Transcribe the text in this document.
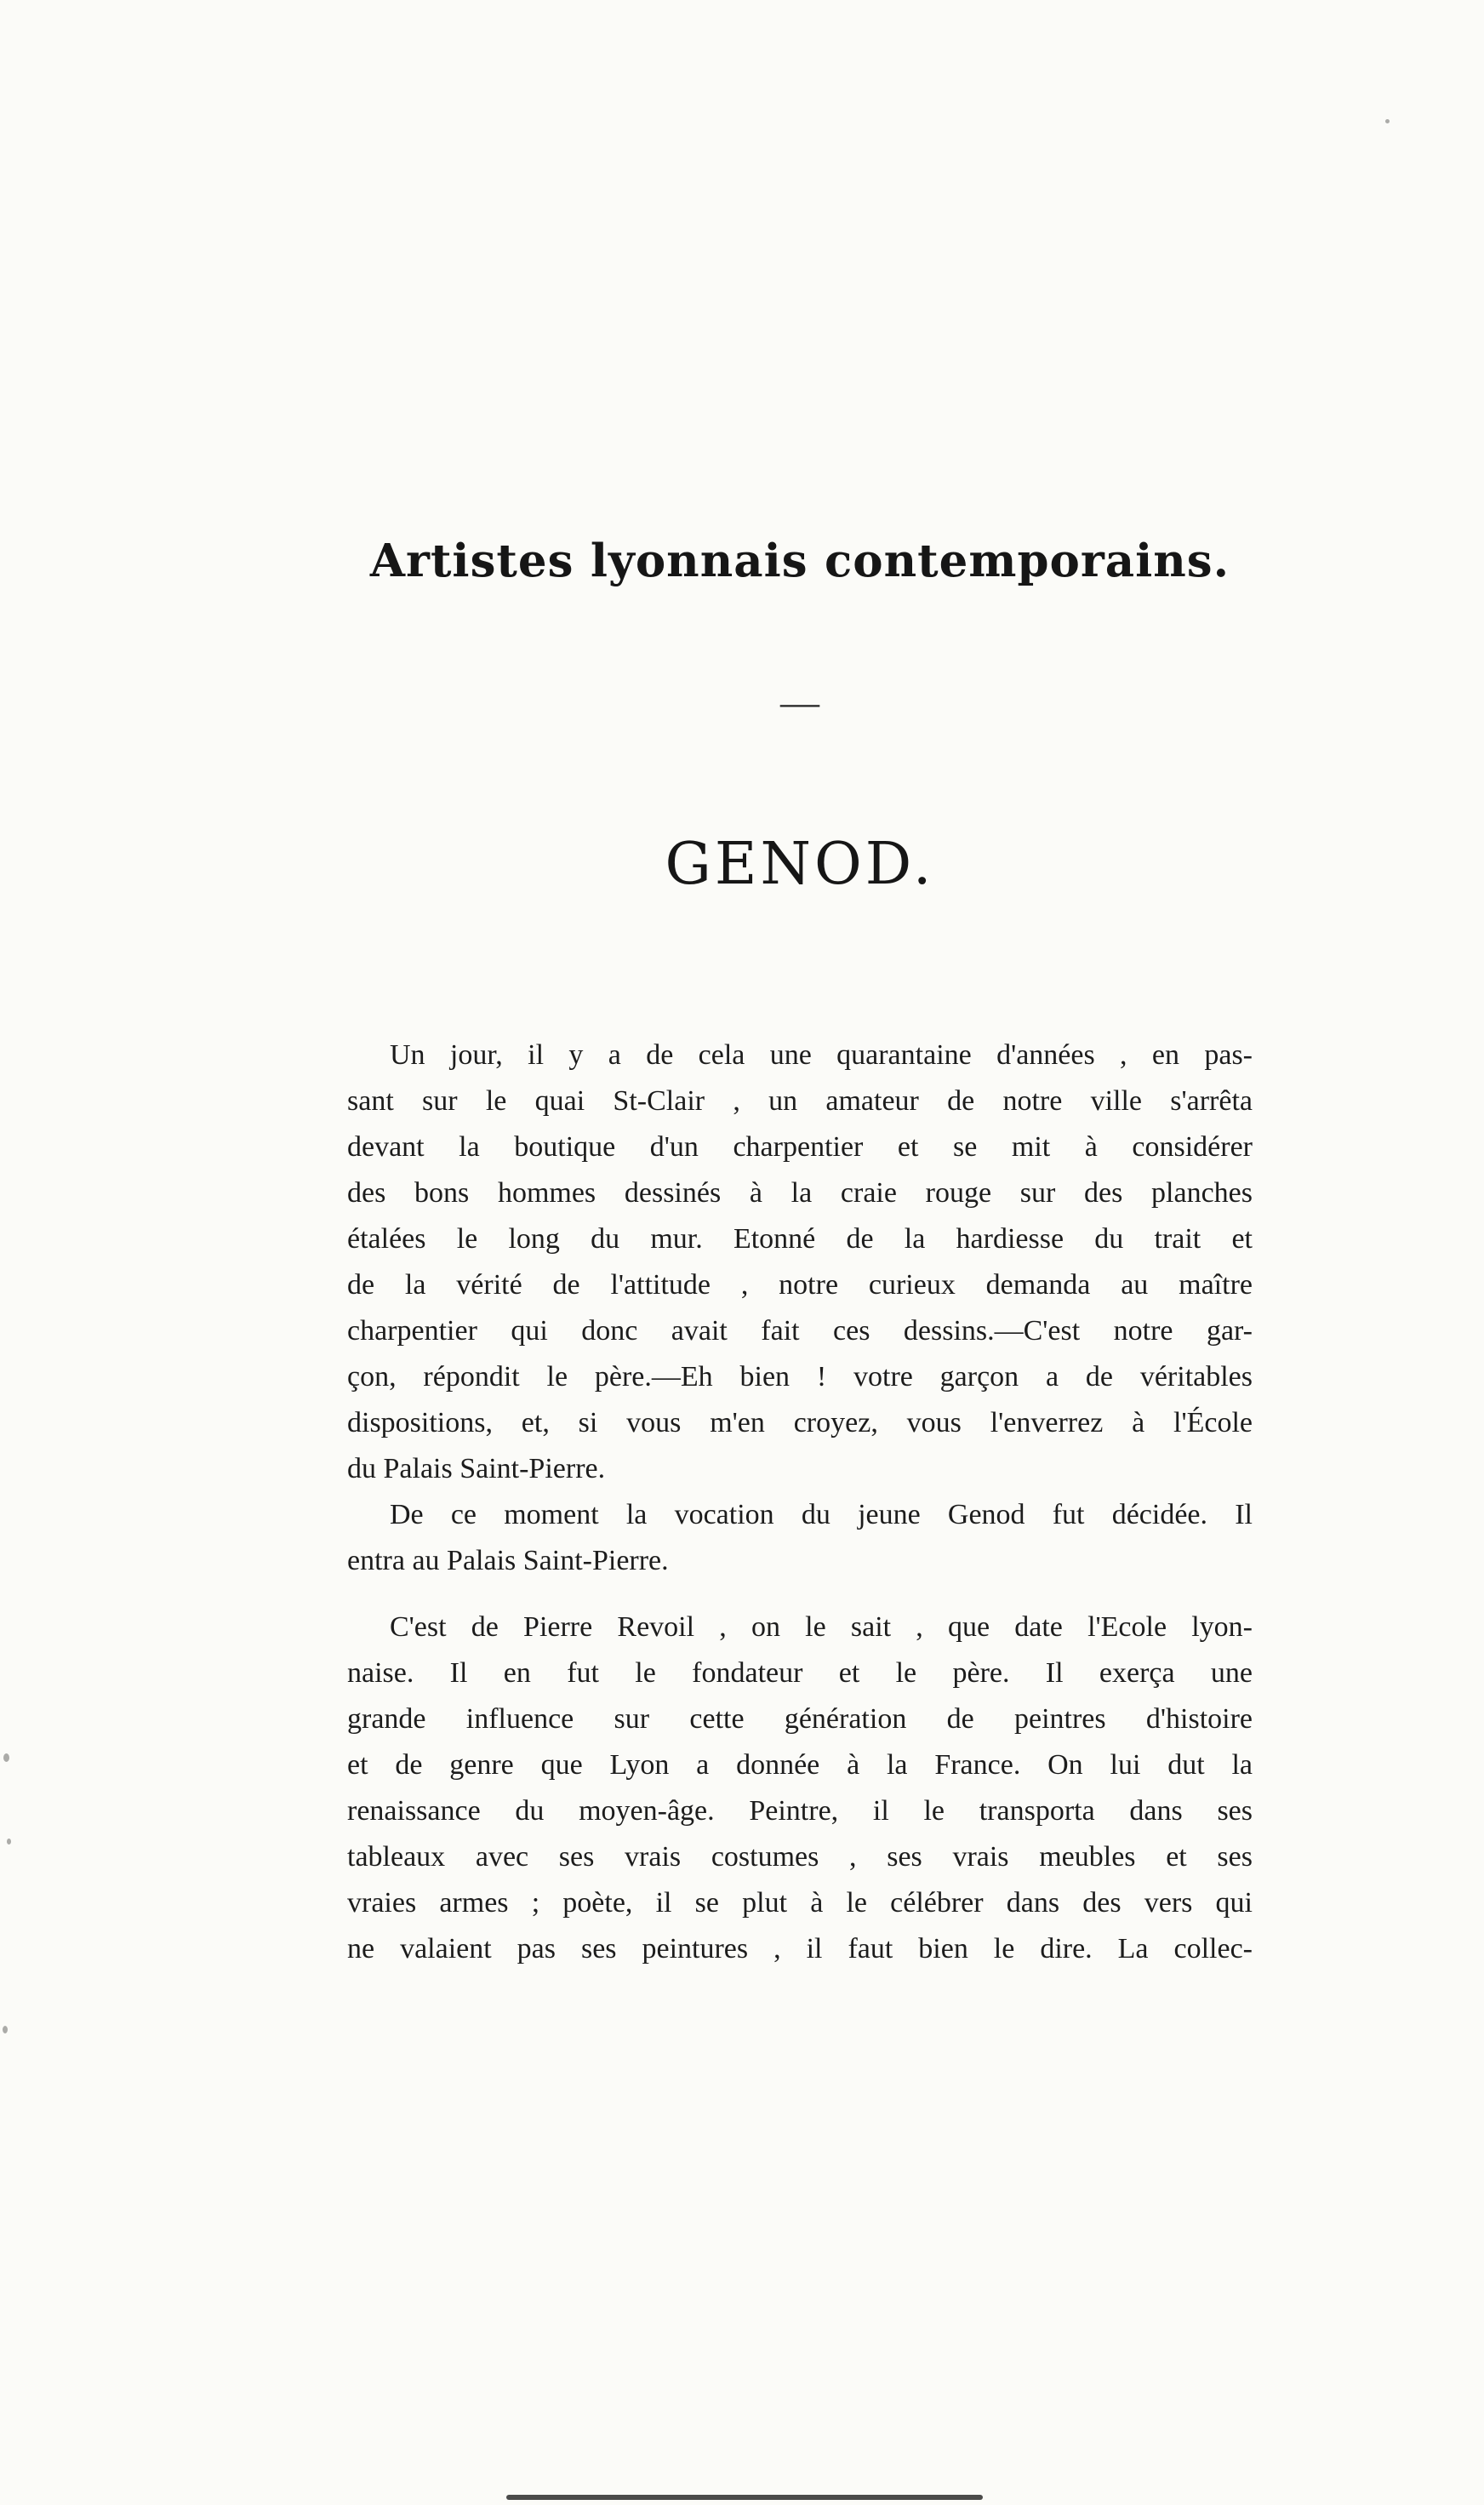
Artistes lyonnais contemporains.
—
GENOD.
Un jour, il y a de cela une quarantaine d'années , en pas-
sant sur le quai St-Clair , un amateur de notre ville s'arrêta
devant la boutique d'un charpentier et se mit à considérer
des bons hommes dessinés à la craie rouge sur des planches
étalées le long du mur. Etonné de la hardiesse du trait et
de la vérité de l'attitude , notre curieux demanda au maître
charpentier qui donc avait fait ces dessins.—C'est notre gar-
çon, répondit le père.—Eh bien ! votre garçon a de véritables
dispositions, et, si vous m'en croyez, vous l'enverrez à l'École
du Palais Saint-Pierre.
De ce moment la vocation du jeune Genod fut décidée. Il
entra au Palais Saint-Pierre.
C'est de Pierre Revoil , on le sait , que date l'Ecole lyon-
naise. Il en fut le fondateur et le père. Il exerça une
grande influence sur cette génération de peintres d'histoire
et de genre que Lyon a donnée à la France. On lui dut la
renaissance du moyen-âge. Peintre, il le transporta dans ses
tableaux avec ses vrais costumes , ses vrais meubles et ses
vraies armes ; poète, il se plut à le célébrer dans des vers qui
ne valaient pas ses peintures , il faut bien le dire. La collec-
